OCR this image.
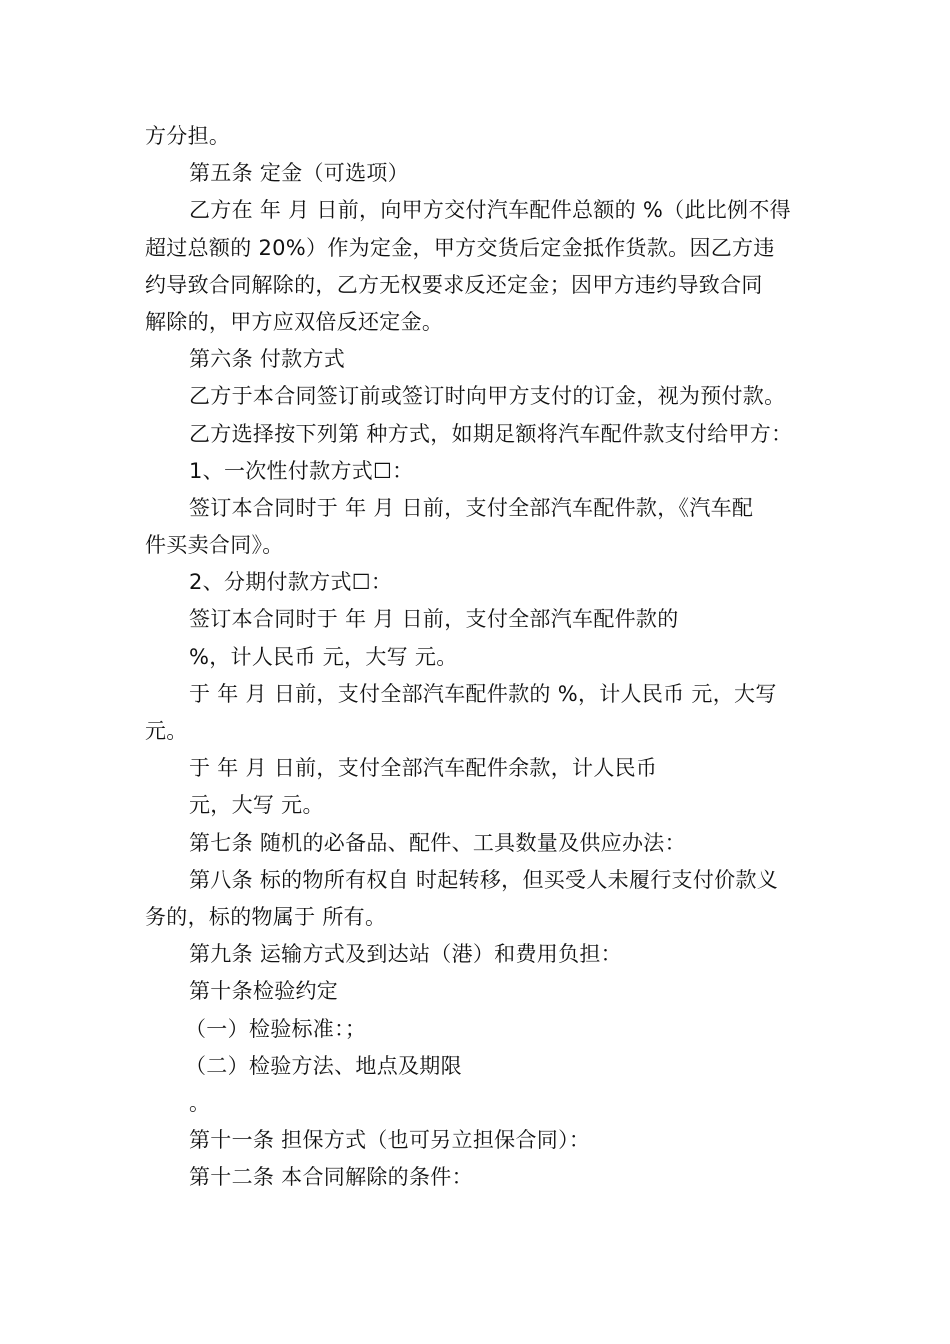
方分担。
第五条 定金（可选项）
乙方在 年 月 日前，向甲方交付汽车配件总额的 %（此比例不得
超过总额的 20%）作为定金，甲方交货后定金抵作货款。因乙方违
约导致合同解除的，乙方无权要求反还定金；因甲方违约导致合同
解除的，甲方应双倍反还定金。
第六条 付款方式
乙方于本合同签订前或签订时向甲方支付的订金，视为预付款。
乙方选择按下列第 种方式，如期足额将汽车配件款支付给甲方：
1、一次性付款方式☐：
签订本合同时于 年 月 日前，支付全部汽车配件款，《汽车配
件买卖合同》。
2、分期付款方式☐：
签订本合同时于 年 月 日前，支付全部汽车配件款的
%，计人民币 元，大写 元。
于 年 月 日前，支付全部汽车配件款的 %，计人民币 元，大写
元。
于 年 月 日前，支付全部汽车配件余款，计人民币
元，大写 元。
第七条 随机的必备品、配件、工具数量及供应办法：
第八条 标的物所有权自 时起转移，但买受人未履行支付价款义
务的，标的物属于 所有。
第九条 运输方式及到达站（港）和费用负担：
第十条检验约定
（一）检验标准：；
（二）检验方法、地点及期限
。
第十一条 担保方式（也可另立担保合同）：
第十二条 本合同解除的条件：
